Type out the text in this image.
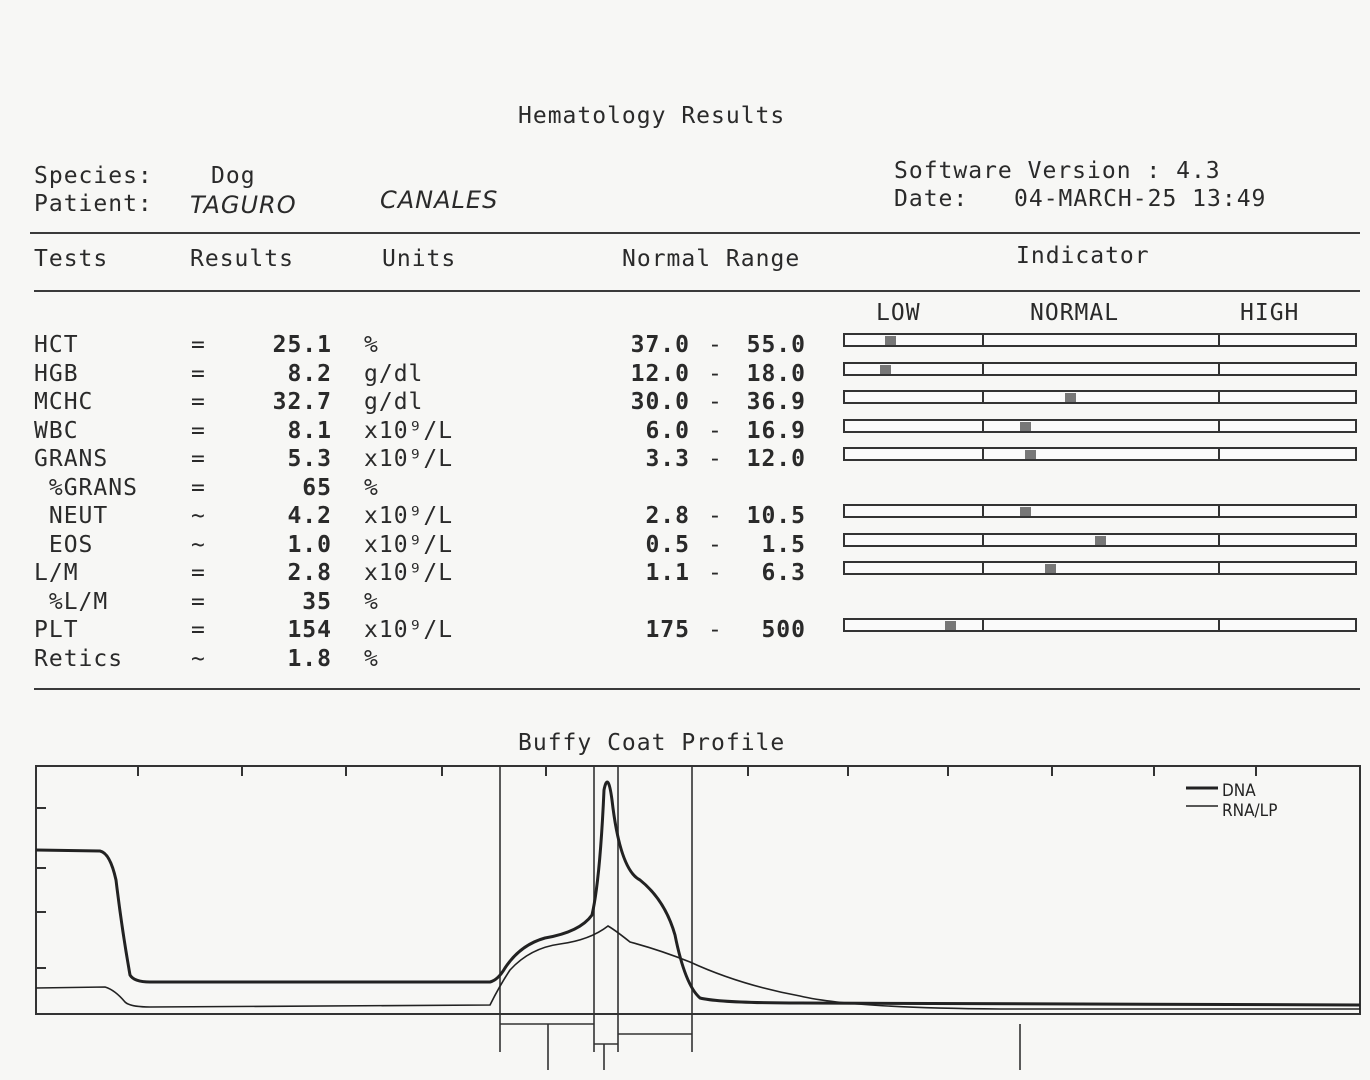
Hematology Results
Species:	Dog
Patient: TAGURO	CANALES
Software Version : 4.3
Date: 04-MARCH-25 13:49
Tests	Results	Units	Normal Range	Indicator
LOW	NORMAL	HIGH
HCT	=	25.1 %	37.0 -	55.0
HGB	=	8.2 g/dl	12.0 -	18.0
MCHC	=	32.7 g/dl	30.0 -	36.9
WBC	=	8.1 x10⁹/L	6.0 -	16.9
GRANS	=	5.3 x10⁹/L	3.3 -	12.0
%GRANS =	65 %
NEUT	~	4.2 x10⁹/L	2.8 -	10.5
EOS	~	1.0 x10⁹/L	0.5 -	1.5
L/M	=	2.8 x10⁹/L	1.1 -	6.3
%L/M	=	35 %
PLT	=	154 x10⁹/L	175 -	500
Retics	~	1.8 %
Buffy Coat Profile
DNA
RNA/LP
